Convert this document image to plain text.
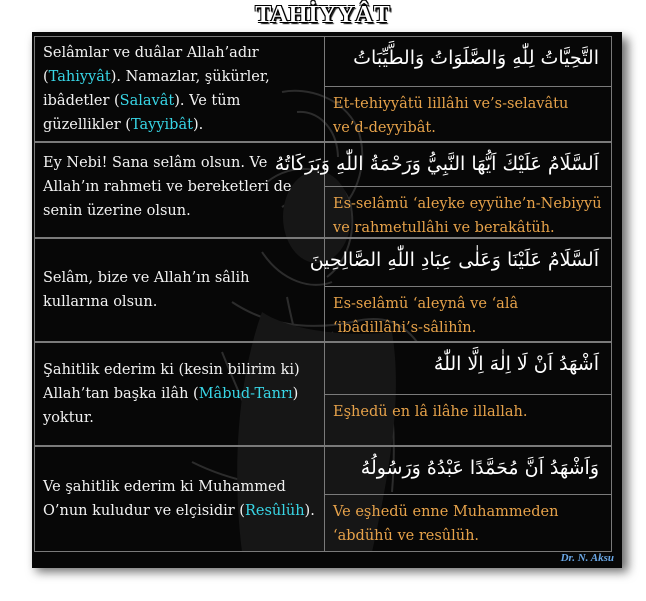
TAHİYYÂT
Selâmlar ve duâlar Allah’adır (Tahiyyât). Namazlar, şükürler, ibâdetler (Salavât). Ve tüm güzellikler (Tayyibât).
التَّحِيَّاتُ لِلّٰهِ وَالصَّلَوَاتُ وَالطَّيِّبَاتُ
Et-tehiyyâtü lillâhi ve’s-selavâtu ve’d-deyyibât.
Ey Nebi! Sana selâm olsun. Ve Allah’ın rahmeti ve bereketleri de senin üzerine olsun.
اَلسَّلَامُ عَلَيْكَ اَيُّهَا النَّبِيُّ وَرَحْمَةُ اللّٰهِ وَبَرَكَاتُهُ
Es-selâmü ‘aleyke eyyühe’n-Nebiyyü ve rahmetullâhi ve berakâtüh.
Selâm, bize ve Allah’ın sâlih kullarına olsun.
اَلسَّلَامُ عَلَيْنَا وَعَلٰى عِبَادِ اللّٰهِ الصَّالِحِينَ
Es-selâmü ‘aleynâ ve ‘alâ ‘ibâdillâhi’s-sâlihîn.
Şahitlik ederim ki (kesin bilirim ki) Allah’tan başka ilâh (Mâbud-Tanrı) yoktur.
اَشْهَدُ اَنْ لَا اِلٰهَ اِلَّا اللّٰهُ
Eşhedü en lâ ilâhe illallah.
Ve şahitlik ederim ki Muhammed O’nun kuludur ve elçisidir (Resûlüh).
وَاَشْهَدُ اَنَّ مُحَمَّدًا عَبْدُهُ وَرَسُولُهُ
Ve eşhedü enne Muhammeden ‘abdühû ve resûlüh.
Dr. N. Aksu
